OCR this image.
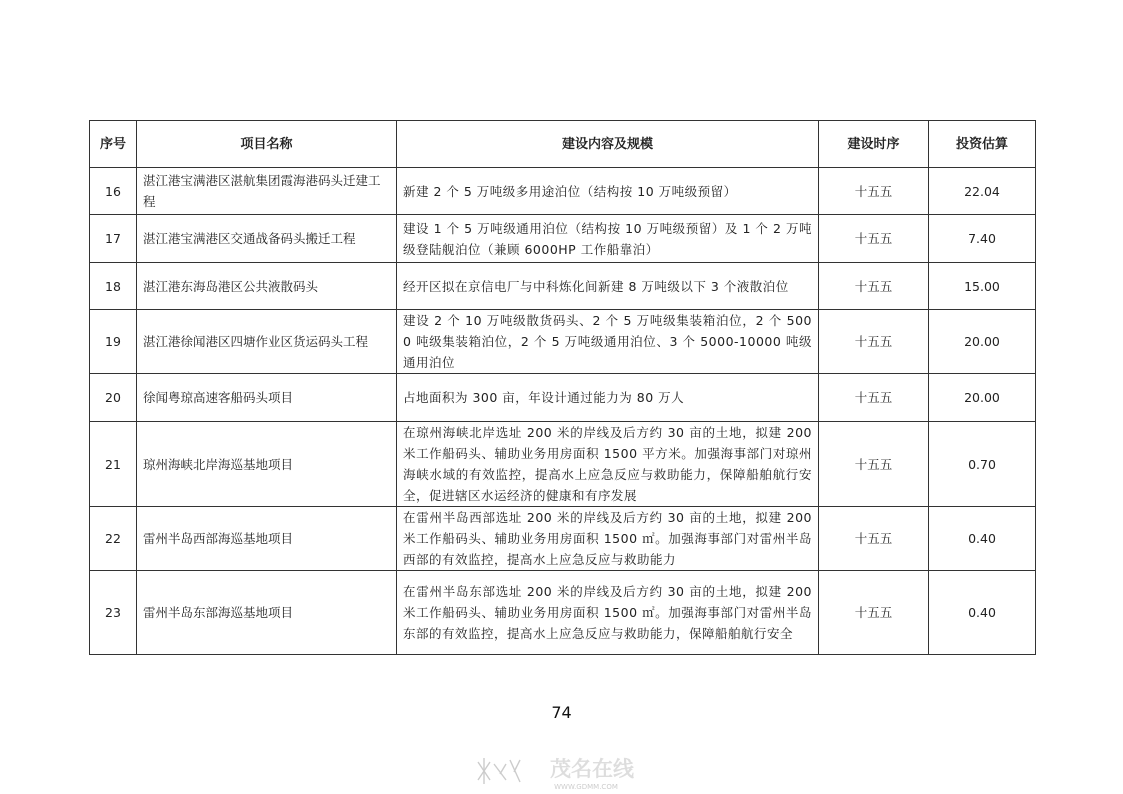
序号	项目名称	建设内容及规模	建设时序	投资估算
16	湛江港宝满港区湛航集团霞海港码头迁建工程	新建 2 个 5 万吨级多用途泊位（结构按 10 万吨级预留）	十五五	22.04
17	湛江港宝满港区交通战备码头搬迁工程	建设 1 个 5 万吨级通用泊位（结构按 10 万吨级预留）及 1 个 2 万吨级登陆舰泊位（兼顾 6000HP 工作船靠泊）	十五五	7.40
18	湛江港东海岛港区公共液散码头	经开区拟在京信电厂与中科炼化间新建 8 万吨级以下 3 个液散泊位	十五五	15.00
19	湛江港徐闻港区四塘作业区货运码头工程	建设 2 个 10 万吨级散货码头、2 个 5 万吨级集装箱泊位，2 个 5000 吨级集装箱泊位，2 个 5 万吨级通用泊位、3 个 5000-10000 吨级通用泊位	十五五	20.00
20	徐闻粤琼高速客船码头项目	占地面积为 300 亩，年设计通过能力为 80 万人	十五五	20.00
21	琼州海峡北岸海巡基地项目	在琼州海峡北岸选址 200 米的岸线及后方约 30 亩的土地，拟建 200 米工作船码头、辅助业务用房面积 1500 平方米。加强海事部门对琼州海峡水域的有效监控，提高水上应急反应与救助能力，保障船舶航行安全，促进辖区水运经济的健康和有序发展	十五五	0.70
22	雷州半岛西部海巡基地项目	在雷州半岛西部选址 200 米的岸线及后方约 30 亩的土地，拟建 200 米工作船码头、辅助业务用房面积 1500 ㎡。加强海事部门对雷州半岛西部的有效监控，提高水上应急反应与救助能力	十五五	0.40
23	雷州半岛东部海巡基地项目	在雷州半岛东部选址 200 米的岸线及后方约 30 亩的土地，拟建 200 米工作船码头、辅助业务用房面积 1500 ㎡。加强海事部门对雷州半岛东部的有效监控，提高水上应急反应与救助能力，保障船舶航行安全	十五五	0.40
74
茂名在线
WWW.GDMM.COM
